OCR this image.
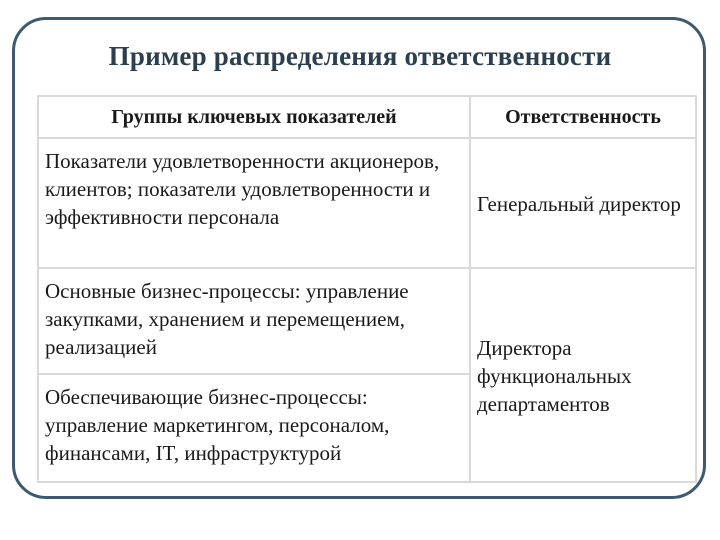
Пример распределения ответственности
Группы ключевых показателей	Ответственность

Показатели удовлетворенности акционеров, клиентов; показатели удовлетворенности и эффективности персонала	Генеральный директор

Основные бизнес-процессы: управление закупками, хранением и перемещением, реализацией	Директора функциональных департаментов

Обеспечивающие бизнес-процессы: управление маркетингом, персоналом, финансами, IT, инфраструктурой	
